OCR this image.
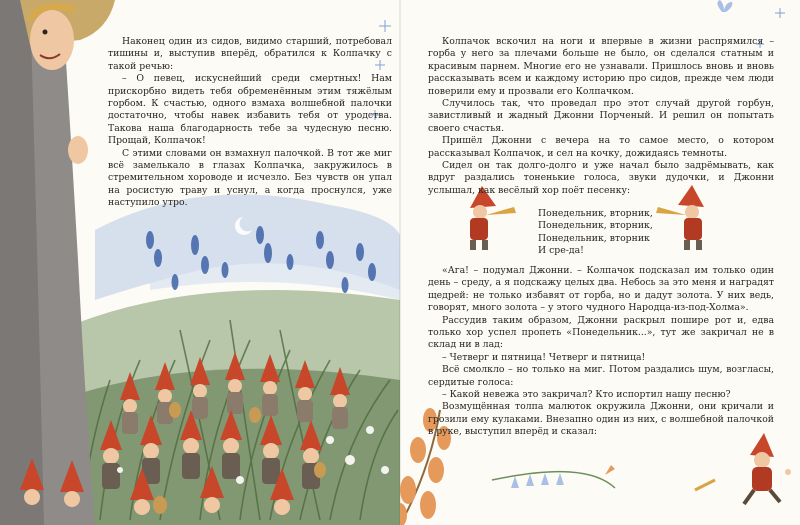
Наконец один из сидов, видимо старший, потребовал тишины и, выступив вперёд, обратился к Колпачку с такой речью:

– О певец, искуснейший среди смертных! Нам прискорбно видеть тебя обременённым этим тяжёлым горбом. К счастью, одного взмаха волшебной палочки достаточно, чтобы навек избавить тебя от уродства. Такова наша благодарность тебе за чудесную песню. Прощай, Колпачок!

С этими словами он взмахнул палочкой. В тот же миг всё замелькало в глазах Колпачка, закружилось в стремительном хороводе и исчезло. Без чувств он упал на росистую траву и уснул, а когда проснулся, уже наступило утро.

Колпачок вскочил на ноги и впервые в жизни распрямился – горба у него за плечами больше не было, он сделался статным и красивым парнем. Многие его не узнавали. Пришлось вновь и вновь рассказывать всем и каждому историю про сидов, прежде чем люди поверили ему и прозвали его Колпачком.

Случилось так, что проведал про этот случай другой горбун, завистливый и жадный Джонни Порченый. И решил он попытать своего счастья.

Пришёл Джонни с вечера на то самое место, о котором рассказывал Колпачок, и сел на кочку, дожидаясь темноты.

Сидел он так долго-долго и уже начал было задрёмывать, как вдруг раздались тоненькие голоса, звуки дудочки, и Джонни услышал, как весёлый хор поёт песенку:

Понедельник, вторник,
Понедельник, вторник,
Понедельник, вторник
И сре-да!

«Ага! – подумал Джонни. – Колпачок подсказал им только один день – среду, а я подскажу целых два. Небось за это меня и наградят щедрей: не только избавят от горба, но и дадут золота. У них ведь, говорят, много золота – у этого чудного Народца-из-под-Холма».

Рассудив таким образом, Джонни раскрыл пошире рот и, едва только хор успел пропеть «Понедельник...», тут же закричал не в склад ни в лад:

– Четверг и пятница! Четверг и пятница!

Всё смолкло – но только на миг. Потом раздались шум, возгласы, сердитые голоса:

– Какой невежа это закричал? Кто испортил нашу песню?

Возмущённая толпа малюток окружила Джонни, они кричали и грозили ему кулаками. Внезапно один из них, с волшебной палочкой в руке, выступил вперёд и сказал:
